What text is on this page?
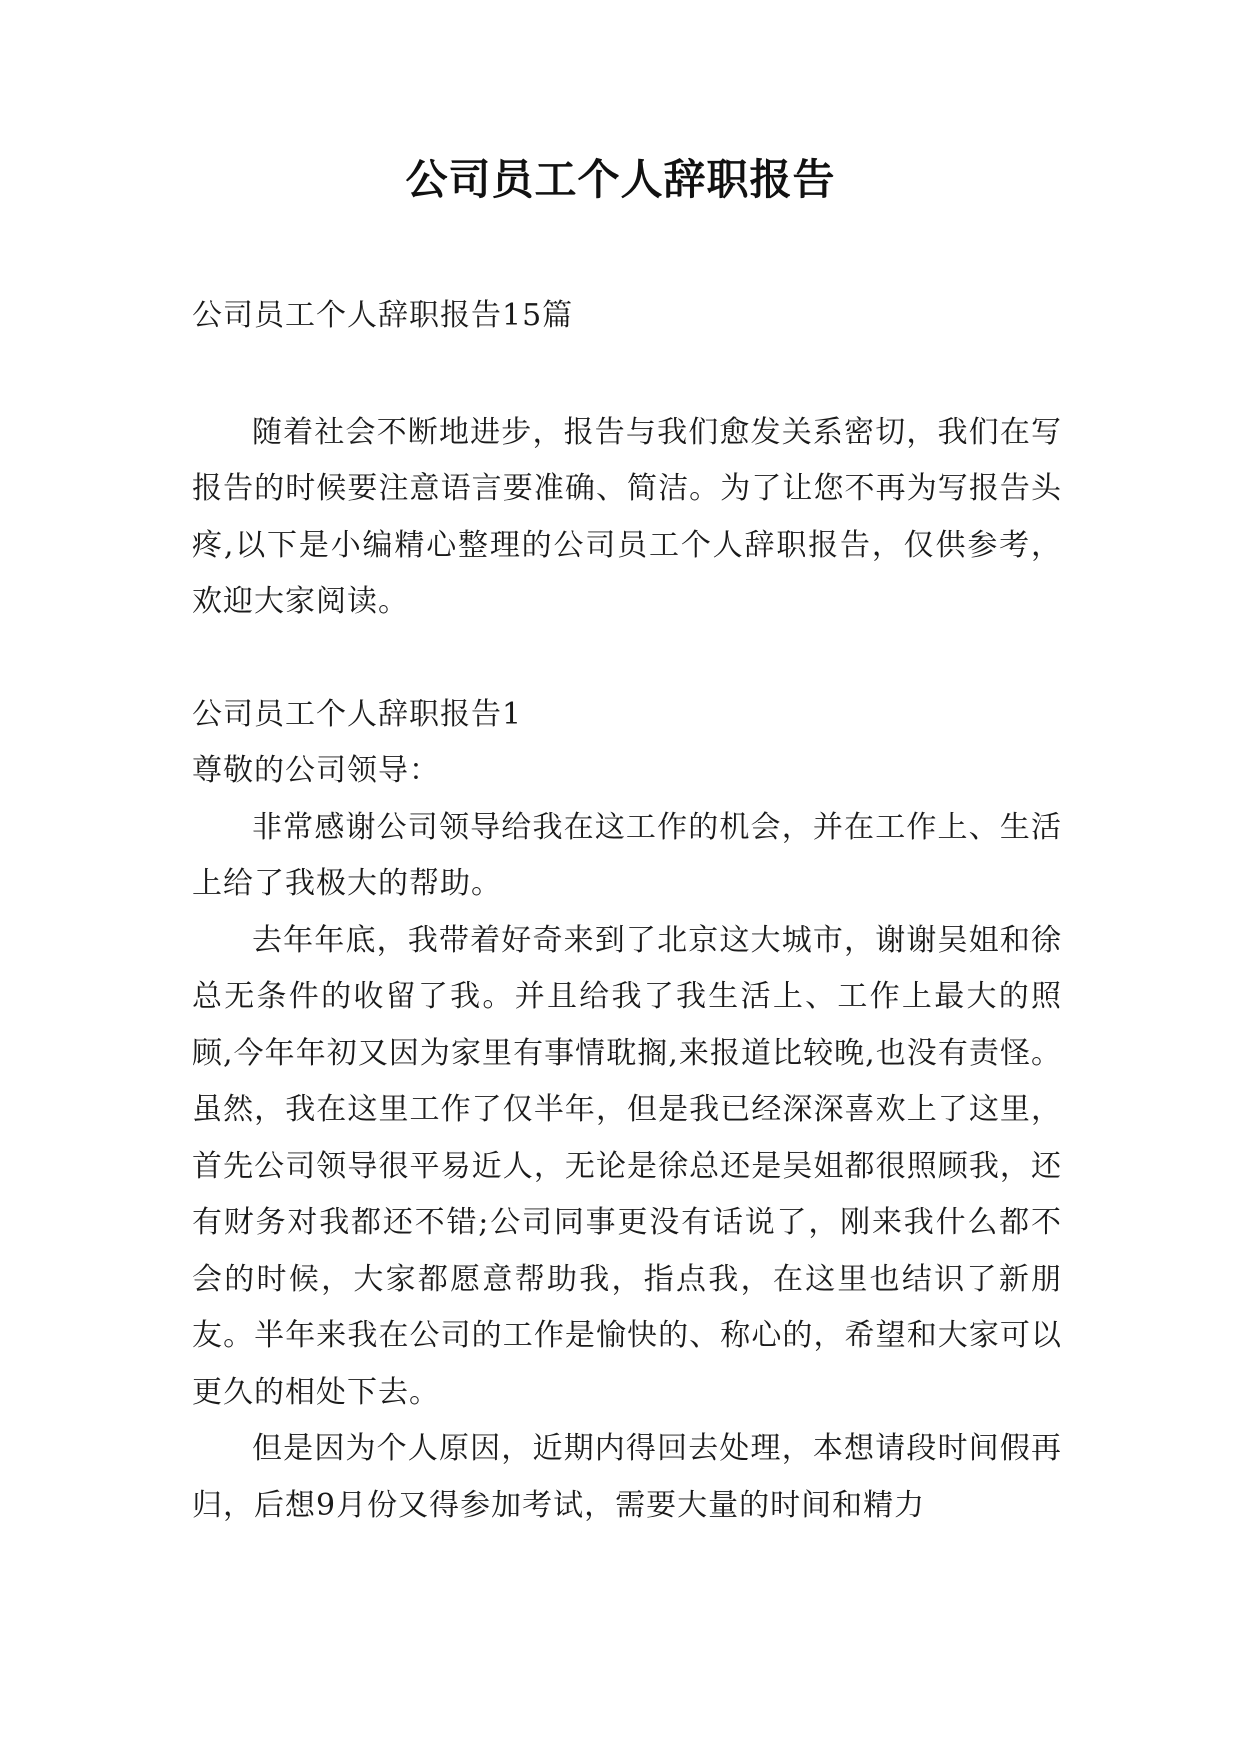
公司员工个人辞职报告

公司员工个人辞职报告15篇

随着社会不断地进步，报告与我们愈发关系密切，我们在写报告的时候要注意语言要准确、简洁。为了让您不再为写报告头疼,以下是小编精心整理的公司员工个人辞职报告，仅供参考，欢迎大家阅读。

公司员工个人辞职报告1

尊敬的公司领导：

非常感谢公司领导给我在这工作的机会，并在工作上、生活上给了我极大的帮助。

去年年底，我带着好奇来到了北京这大城市，谢谢吴姐和徐总无条件的收留了我。并且给我了我生活上、工作上最大的照顾,今年年初又因为家里有事情耽搁,来报道比较晚,也没有责怪。虽然，我在这里工作了仅半年，但是我已经深深喜欢上了这里，首先公司领导很平易近人，无论是徐总还是吴姐都很照顾我，还有财务对我都还不错;公司同事更没有话说了，刚来我什么都不会的时候，大家都愿意帮助我，指点我，在这里也结识了新朋友。半年来我在公司的工作是愉快的、称心的，希望和大家可以更久的相处下去。

但是因为个人原因，近期内得回去处理，本想请段时间假再归，后想9月份又得参加考试，需要大量的时间和精力
